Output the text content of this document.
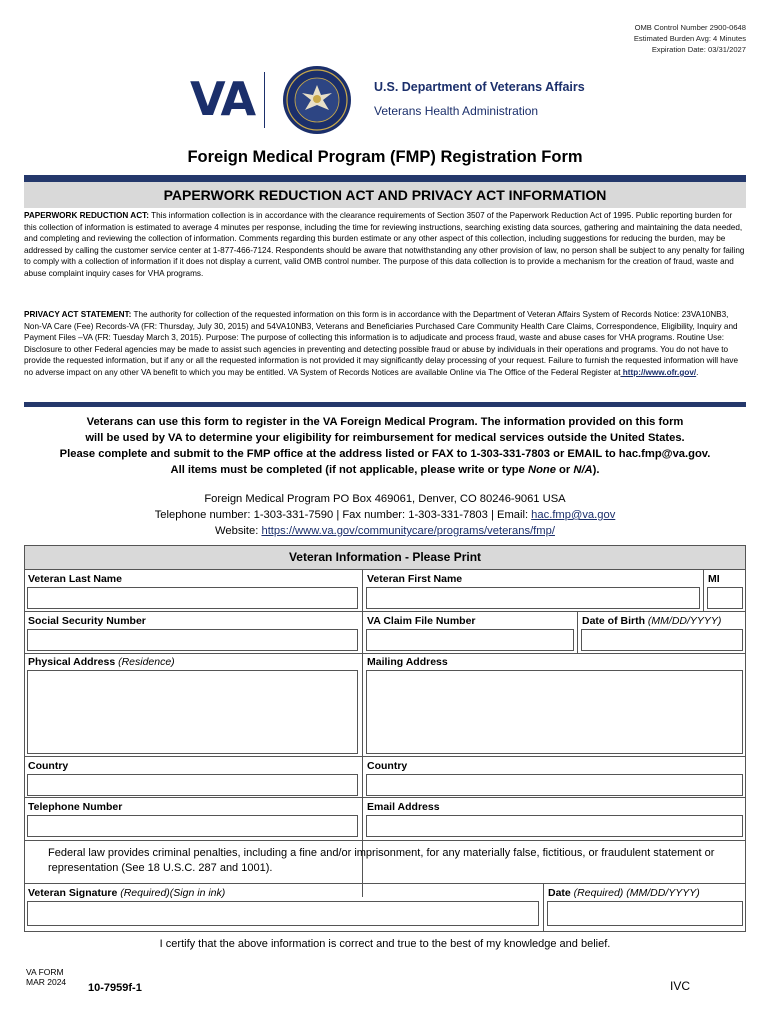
OMB Control Number 2900-0648
Estimated Burden Avg: 4 Minutes
Expiration Date: 03/31/2027
VA	U.S. Department of Veterans Affairs
Veterans Health Administration
Foreign Medical Program (FMP) Registration Form
PAPERWORK REDUCTION ACT AND PRIVACY ACT INFORMATION
PAPERWORK REDUCTION ACT: This information collection is in accordance with the clearance requirements of Section 3507 of the Paperwork Reduction Act of 1995. Public reporting burden for this collection of information is estimated to average 4 minutes per response, including the time for reviewing instructions, searching existing data sources, gathering and maintaining the data needed, and completing and reviewing the collection of information. Comments regarding this burden estimate or any other aspect of this collection, including suggestions for reducing the burden, may be addressed by calling the customer service center at 1-877-466-7124. Respondents should be aware that notwithstanding any other provision of law, no person shall be subject to any penalty for failing to comply with a collection of information if it does not display a current, valid OMB control number. The purpose of this data collection is to provide a mechanism for the creation of fraud, waste and abuse complaint inquiry cases for VHA programs.
PRIVACY ACT STATEMENT: The authority for collection of the requested information on this form is in accordance with the Department of Veteran Affairs System of Records Notice: 23VA10NB3, Non-VA Care (Fee) Records-VA (FR: Thursday, July 30, 2015) and 54VA10NB3, Veterans and Beneficiaries Purchased Care Community Health Care Claims, Correspondence, Eligibility, Inquiry and Payment Files –VA (FR: Tuesday March 3, 2015). Purpose: The purpose of collecting this information is to adjudicate and process fraud, waste and abuse cases for VHA programs. Routine Use: Disclosure to other Federal agencies may be made to assist such agencies in preventing and detecting possible fraud or abuse by individuals in their operations and programs. You do not have to provide the requested information, but if any or all the requested information is not provided it may significantly delay processing of your request. Failure to furnish the requested information will have no adverse impact on any other VA benefit to which you may be entitled. VA System of Records Notices are available Online via The Office of the Federal Register at http://www.ofr.gov/.
Veterans can use this form to register in the VA Foreign Medical Program. The information provided on this form
will be used by VA to determine your eligibility for reimbursement for medical services outside the United States.
Please complete and submit to the FMP office at the address listed or FAX to 1-303-331-7803 or EMAIL to hac.fmp@va.gov.
All items must be completed (if not applicable, please write or type None or N/A).
Foreign Medical Program PO Box 469061, Denver, CO 80246-9061 USA
Telephone number: 1-303-331-7590 | Fax number: 1-303-331-7803 | Email: hac.fmp@va.gov
Website: https://www.va.gov/communitycare/programs/veterans/fmp/
Veteran Information - Please Print
Veteran Last Name	Veteran First Name	MI
Social Security Number	VA Claim File Number	Date of Birth (MM/DD/YYYY)
Physical Address (Residence)	Mailing Address
Country	Country
Telephone Number	Email Address
Federal law provides criminal penalties, including a fine and/or imprisonment, for any materially false, fictitious, or fraudulent statement or representation (See 18 U.S.C. 287 and 1001).
Veteran Signature (Required)(Sign in ink)	Date (Required) (MM/DD/YYYY)
I certify that the above information is correct and true to the best of my knowledge and belief.
VA FORM
MAR 2024 10-7959f-1	IVC
